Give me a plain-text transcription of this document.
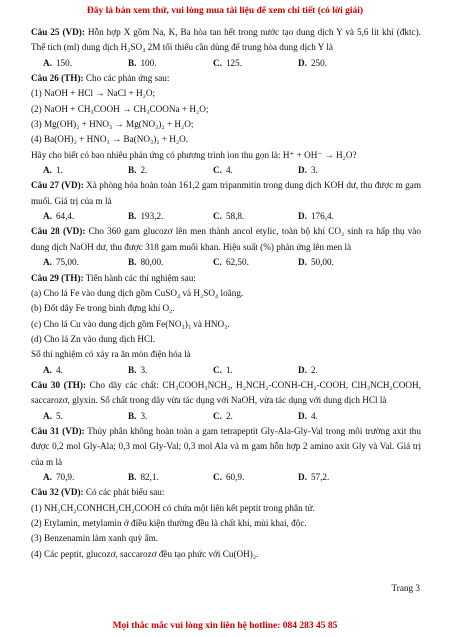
Đây là bản xem thử, vui lòng mua tài liệu để xem chi tiết (có lời giải)
Câu 25 (VD): Hỗn hợp X gồm Na, K, Ba hòa tan hết trong nước tạo dung dịch Y và 5,6 lít khí (đktc). Thể tích (ml) dung dịch H₂SO₄ 2M tối thiểu cần dùng để trung hòa dung dịch Y là
A. 150.	B. 100.	C. 125.	D. 250.
Câu 26 (TH): Cho các phản ứng sau:
(1) NaOH + HCl → NaCl + H₂O;
(2) NaOH + CH₃COOH → CH₃COONa + H₂O;
(3) Mg(OH)₂ + HNO₃ → Mg(NO₃)₂ + H₂O;
(4) Ba(OH)₂ + HNO₃ → Ba(NO₃)₂ + H₂O.
Hãy cho biết có bao nhiêu phản ứng có phương trình ion thu gọn là: H⁺ + OH⁻ → H₂O?
A. 1.	B. 2.	C. 4.	D. 3.
Câu 27 (VD): Xà phòng hóa hoàn toàn 161,2 gam tripanmitin trong dung dịch KOH dư, thu được m gam muối. Giá trị của m là
A. 64,4.	B. 193,2.	C. 58,8.	D. 176,4.
Câu 28 (VD): Cho 360 gam glucozơ lên men thành ancol etylic, toàn bộ khí CO₂ sinh ra hấp thụ vào dung dịch NaOH dư, thu được 318 gam muối khan. Hiệu suất (%) phản ứng lên men là
A. 75,00.	B. 80,00.	C. 62,50.	D. 50,00.
Câu 29 (TH): Tiến hành các thí nghiệm sau:
(a) Cho lá Fe vào dung dịch gồm CuSO₄ và H₂SO₄ loãng.
(b) Đốt dây Fe trong bình đựng khí O₂.
(c) Cho lá Cu vào dung dịch gồm Fe(NO₃)₃ và HNO₃.
(d) Cho lá Zn vào dung dịch HCl.
Số thí nghiệm có xảy ra ăn mòn điện hóa là
A. 4.	B. 3.	C. 1.	D. 2.
Câu 30 (TH): Cho dãy các chất: CH₃COOH₃NCH₃, H₂NCH₂-CONH-CH₂-COOH, ClH₃NCH₂COOH, saccarozơ, glyxin. Số chất trong dãy vừa tác dụng với NaOH, vừa tác dụng với dung dịch HCl là
A. 5.	B. 3.	C. 2.	D. 4.
Câu 31 (VD): Thủy phân không hoàn toàn a gam tetrapeptit Gly-Ala-Gly-Val trong môi trường axit thu được 0,2 mol Gly-Ala; 0,3 mol Gly-Val; 0,3 mol Ala và m gam hỗn hợp 2 amino axit Gly và Val. Giá trị của m là
A. 70,9.	B. 82,1.	C. 60,9.	D. 57,2.
Câu 32 (VD): Có các phát biểu sau:
(1) NH₂CH₂CONHCH₂CH₂COOH có chứa một liên kết peptit trong phân tử.
(2) Etylamin, metylamin ở điều kiện thường đều là chất khí, mùi khai, độc.
(3) Benzenamin làm xanh quỳ ẩm.
(4) Các peptit, glucozơ, saccarozơ đều tạo phức với Cu(OH)₂.
Trang 3
Mọi thắc mắc vui lòng xin liên hệ hotline: 084 283 45 85
